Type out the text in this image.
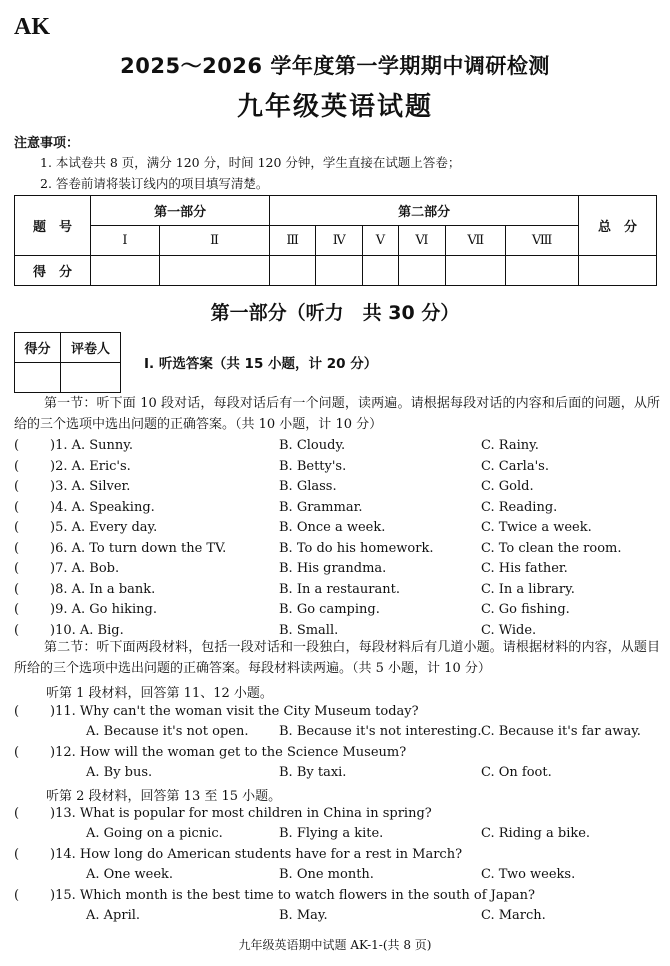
AK
2025～2026 学年度第一学期期中调研检测
九年级英语试题
注意事项：
1. 本试卷共 8 页，满分 120 分，时间 120 分钟，学生直接在试题上答卷；
2. 答卷前请将装订线内的项目填写清楚。
题　号	第一部分		第二部分						总　分
	Ⅰ	Ⅱ	Ⅲ	Ⅳ	Ⅴ	Ⅵ	Ⅶ	Ⅷ	
得　分									
第一部分（听力　共 30 分）
得分	评卷人

Ⅰ. 听选答案（共 15 小题，计 20 分）
第一节：听下面 10 段对话，每段对话后有一个问题，读两遍。请根据每段对话的内容和后面的问题，从所给的三个选项中选出问题的正确答案。（共 10 小题，计 10 分）
( )1. A. Sunny.	B. Cloudy.	C. Rainy.
( )2. A. Eric's.	B. Betty's.	C. Carla's.
( )3. A. Silver.	B. Glass.	C. Gold.
( )4. A. Speaking.	B. Grammar.	C. Reading.
( )5. A. Every day.	B. Once a week.	C. Twice a week.
( )6. A. To turn down the TV.	B. To do his homework.	C. To clean the room.
( )7. A. Bob.	B. His grandma.	C. His father.
( )8. A. In a bank.	B. In a restaurant.	C. In a library.
( )9. A. Go hiking.	B. Go camping.	C. Go fishing.
( )10. A. Big.	B. Small.	C. Wide.
第二节：听下面两段材料，包括一段对话和一段独白，每段材料后有几道小题。请根据材料的内容，从题目所给的三个选项中选出问题的正确答案。每段材料读两遍。（共 5 小题，计 10 分）
听第 1 段材料，回答第 11、12 小题。
( )11. Why can't the woman visit the City Museum today?
A. Because it's not open. B. Because it's not interesting. C. Because it's far away.
( )12. How will the woman get to the Science Museum?
A. By bus.	B. By taxi.	C. On foot.
听第 2 段材料，回答第 13 至 15 小题。
( )13. What is popular for most children in China in spring?
A. Going on a picnic.	B. Flying a kite.	C. Riding a bike.
( )14. How long do American students have for a rest in March?
A. One week.	B. One month.	C. Two weeks.
( )15. Which month is the best time to watch flowers in the south of Japan?
A. April.	B. May.	C. March.
九年级英语期中试题 AK-1-(共 8 页)
